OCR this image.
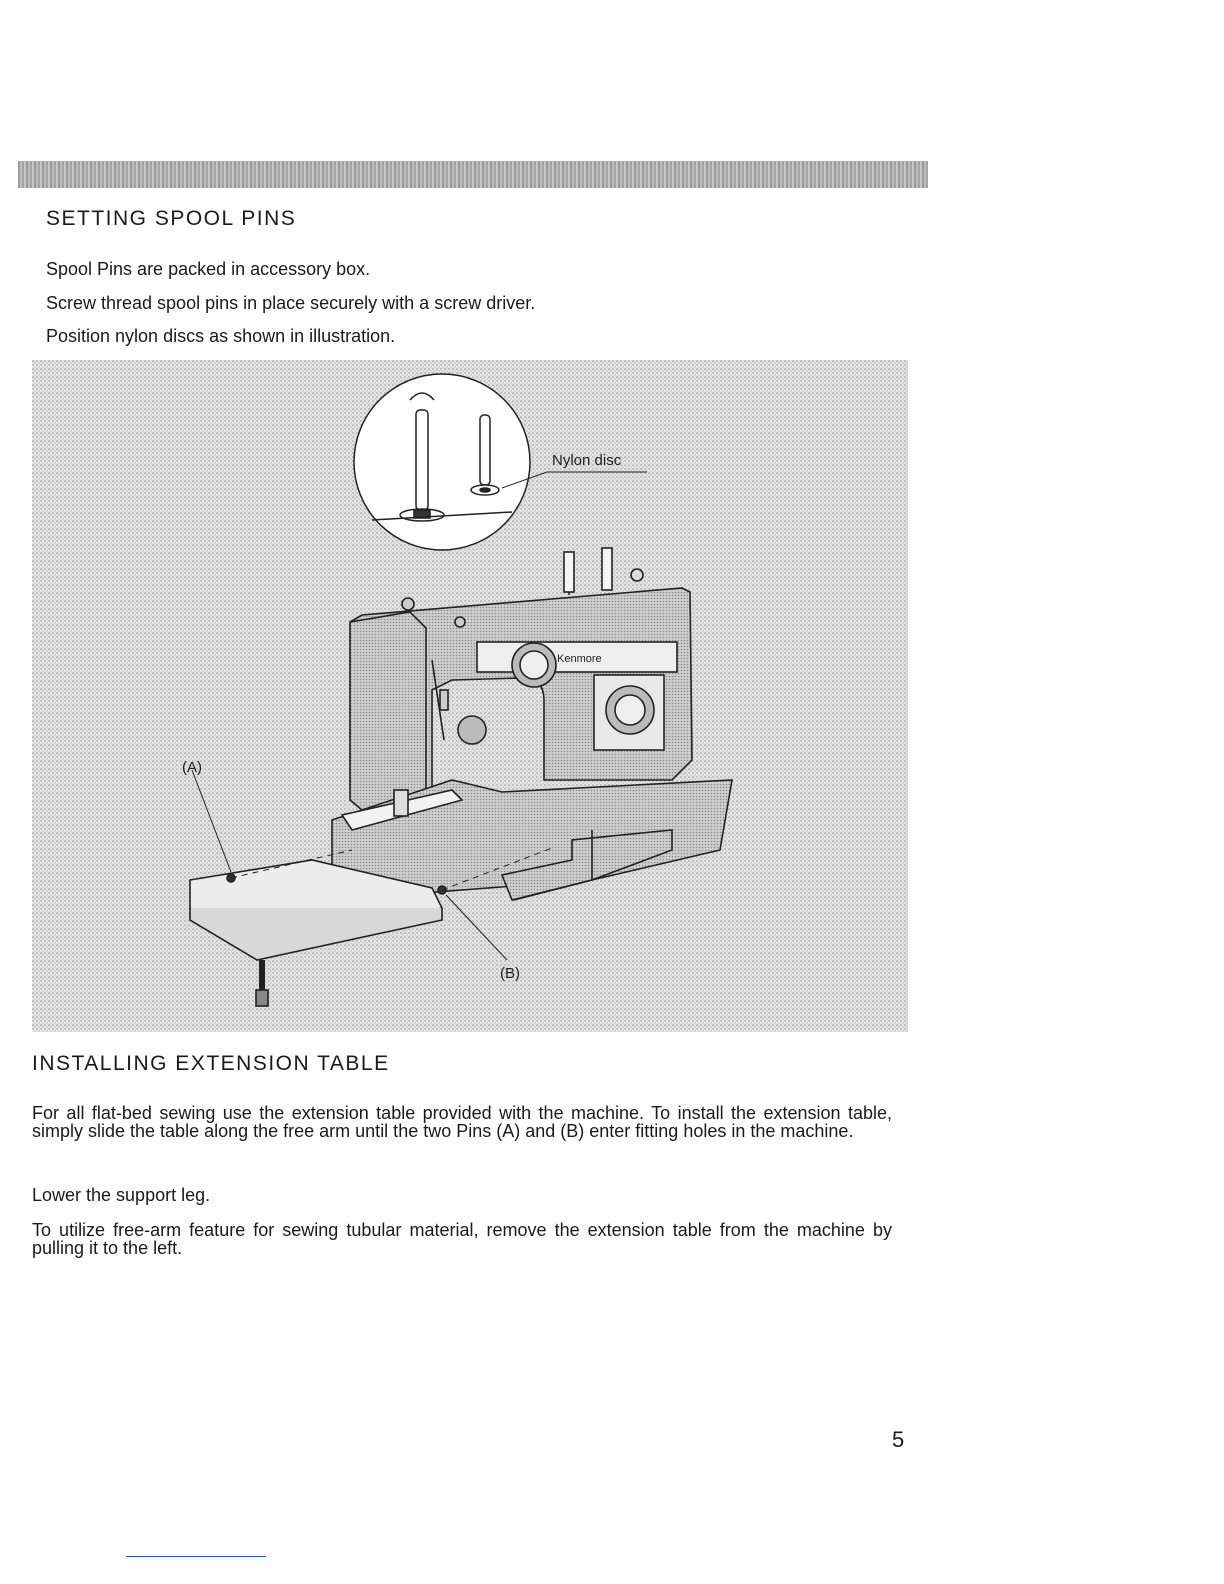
SETTING SPOOL PINS

Spool Pins are packed in accessory box.

Screw thread spool pins in place securely with a screw driver.

Position nylon discs as shown in illustration.

Nylon disc
Kenmore
(A)
(B)
INSTALLING EXTENSION TABLE

For all flat-bed sewing use the extension table provided with the machine. To install the extension table, simply slide the table along the free arm until the two Pins (A) and (B) enter fitting holes in the machine.

Lower the support leg.

To utilize free-arm feature for sewing tubular material, remove the extension table from the machine by pulling it to the left.

5
